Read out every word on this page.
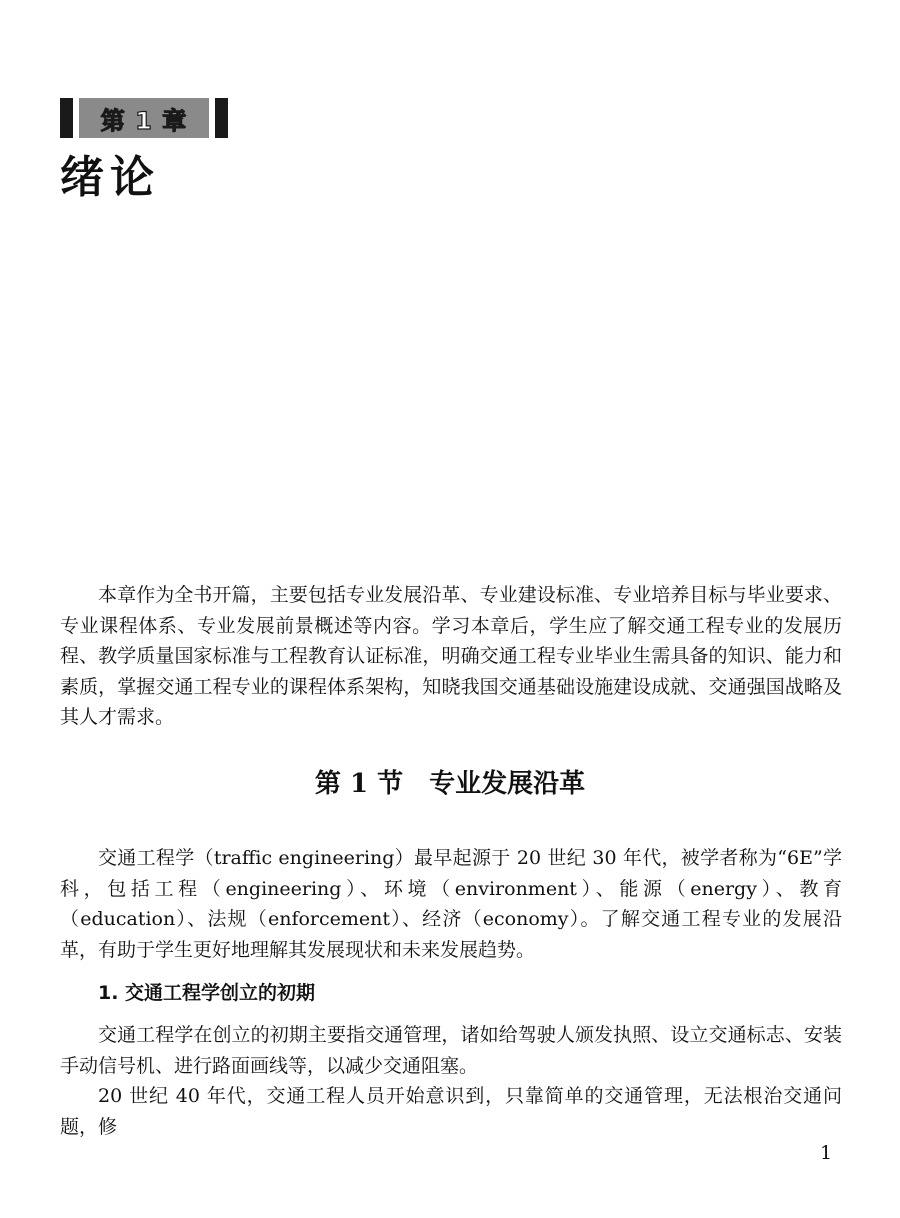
第 1 章
绪论

本章作为全书开篇，主要包括专业发展沿革、专业建设标准、专业培养目标与毕业要求、专业课程体系、专业发展前景概述等内容。学习本章后，学生应了解交通工程专业的发展历程、教学质量国家标准与工程教育认证标准，明确交通工程专业毕业生需具备的知识、能力和素质，掌握交通工程专业的课程体系架构，知晓我国交通基础设施建设成就、交通强国战略及其人才需求。

第 1 节　专业发展沿革

交通工程学（traffic engineering）最早起源于 20 世纪 30 年代，被学者称为“6E”学科，包括工程（engineering）、环境（environment）、能源（energy）、教育（education）、法规（enforcement）、经济（economy）。了解交通工程专业的发展沿革，有助于学生更好地理解其发展现状和未来发展趋势。

1. 交通工程学创立的初期

交通工程学在创立的初期主要指交通管理，诸如给驾驶人颁发执照、设立交通标志、安装手动信号机、进行路面画线等，以减少交通阻塞。

20 世纪 40 年代，交通工程人员开始意识到，只靠简单的交通管理，无法根治交通问题，修

1
